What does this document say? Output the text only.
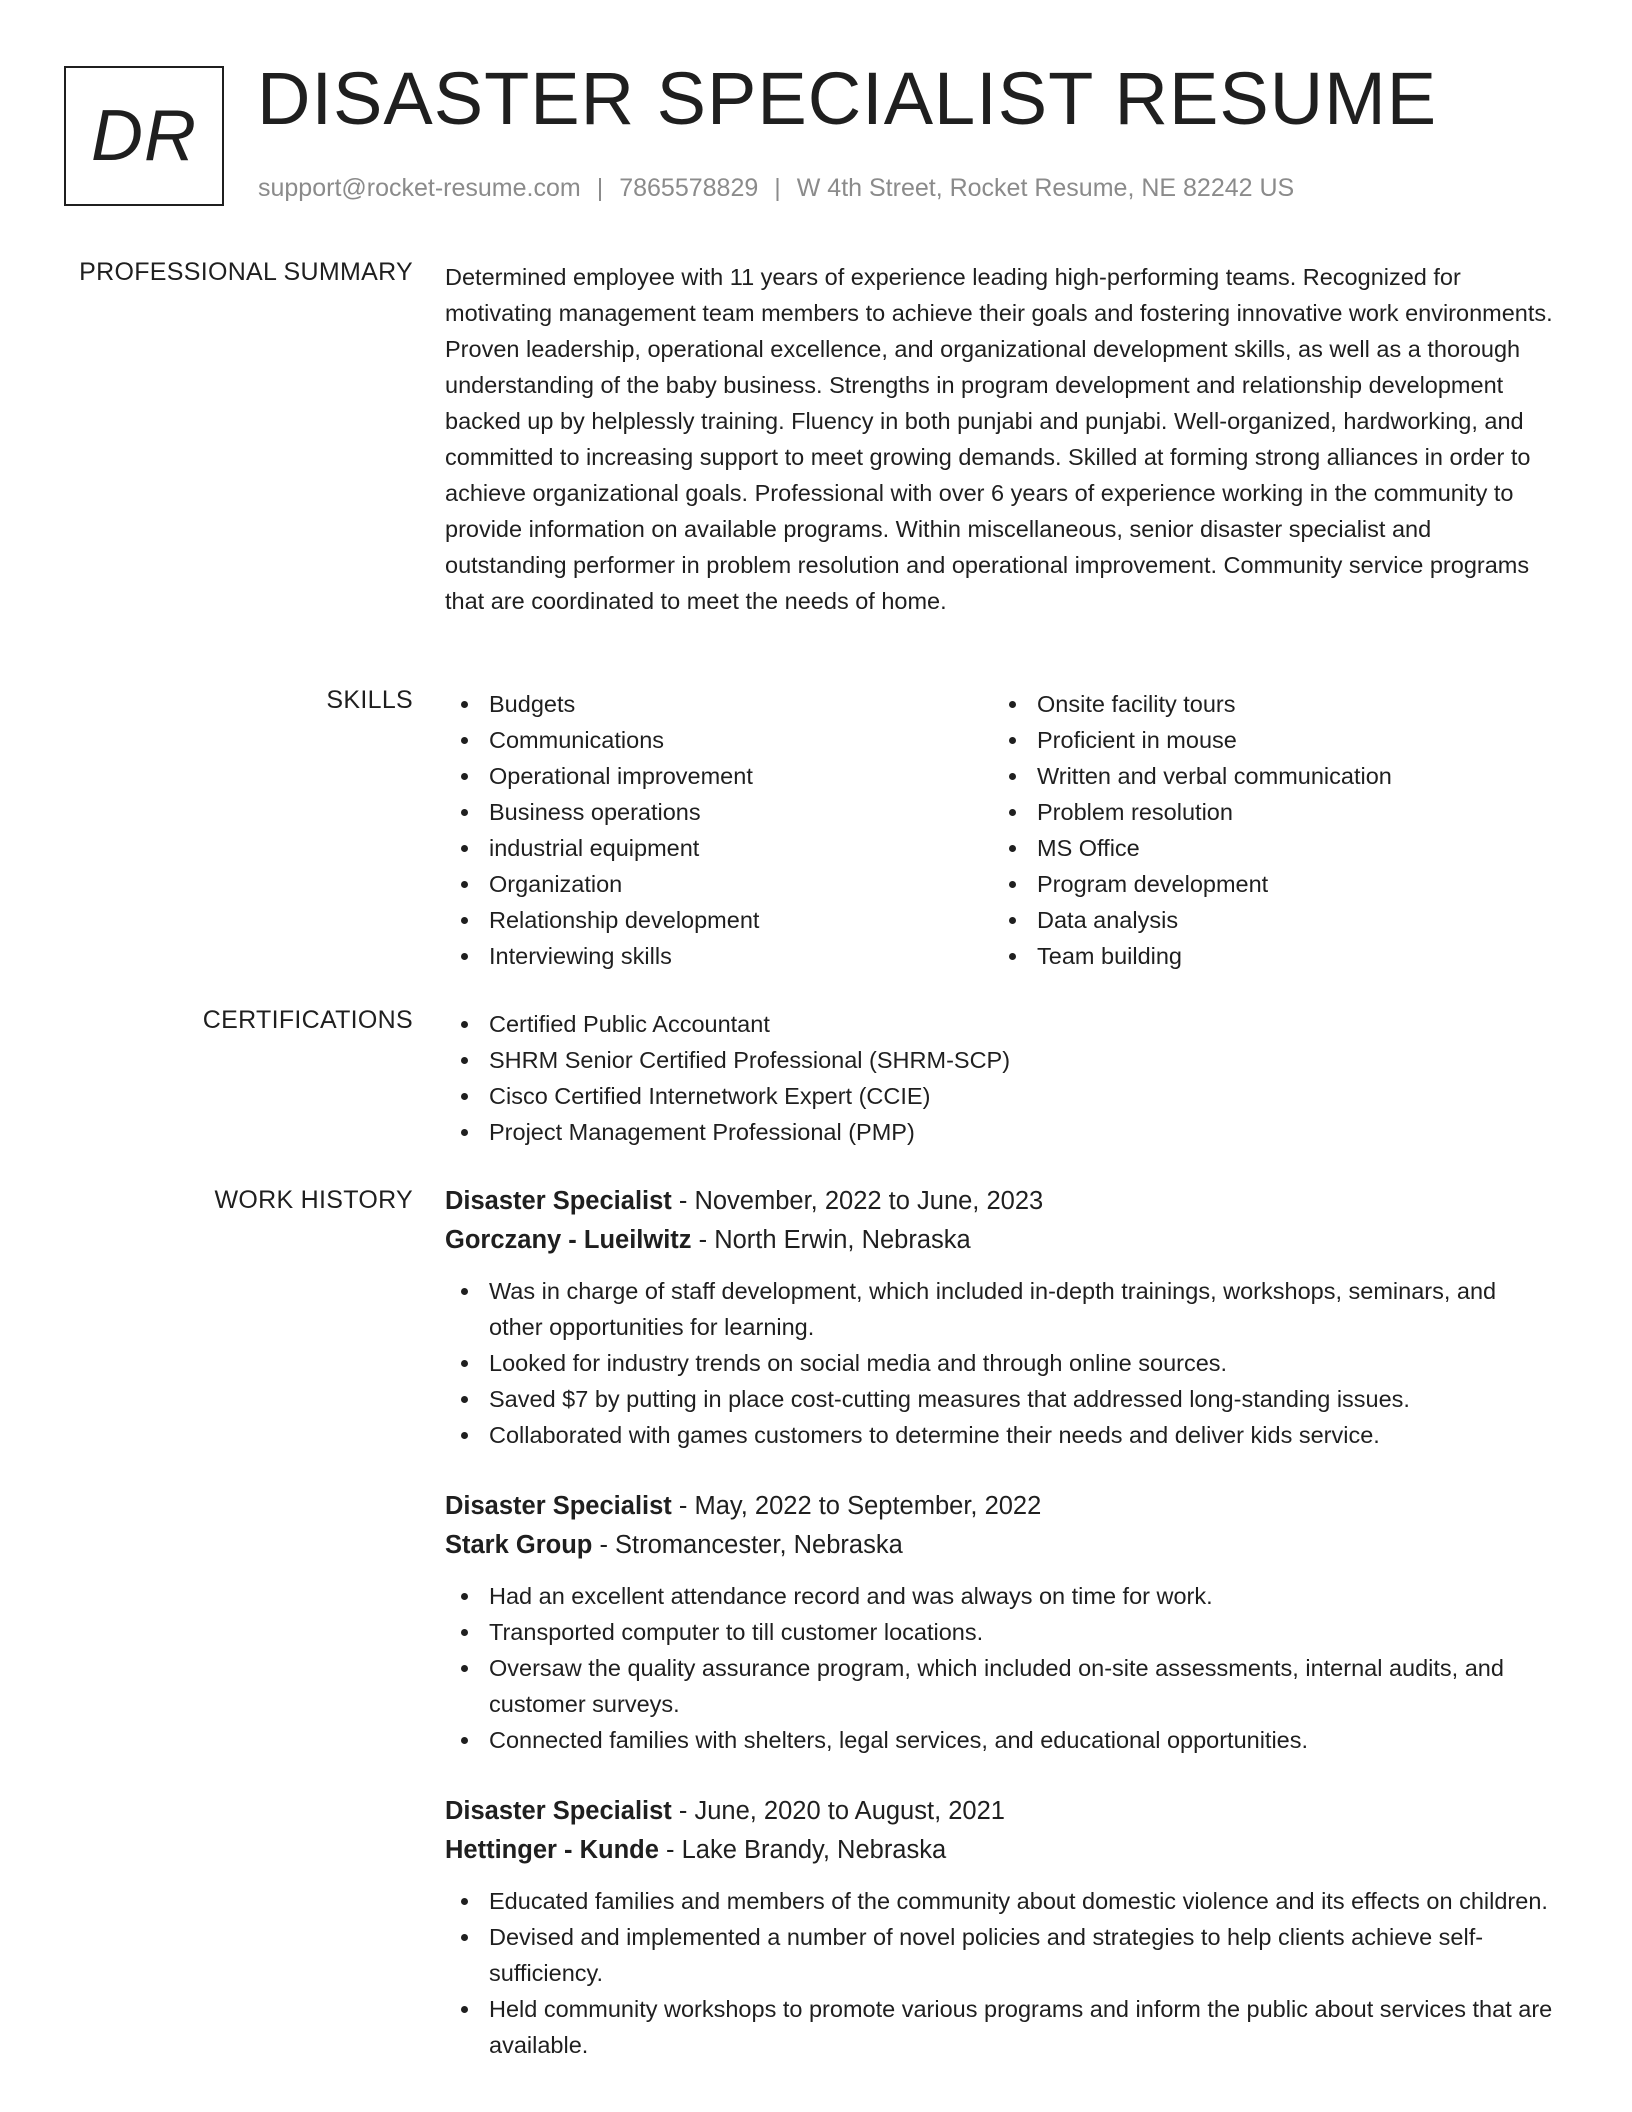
DR DISASTER SPECIALIST RESUME
support@rocket-resume.com | 7865578829 | W 4th Street, Rocket Resume, NE 82242 US
PROFESSIONAL SUMMARY Determined employee with 11 years of experience leading high-performing teams. Recognized for motivating management team members to achieve their goals and fostering innovative work environments. Proven leadership, operational excellence, and organizational development skills, as well as a thorough understanding of the baby business. Strengths in program development and relationship development backed up by helplessly training. Fluency in both punjabi and punjabi. Well-organized, hardworking, and committed to increasing support to meet growing demands. Skilled at forming strong alliances in order to achieve organizational goals. Professional with over 6 years of experience working in the community to provide information on available programs. Within miscellaneous, senior disaster specialist and outstanding performer in problem resolution and operational improvement. Community service programs that are coordinated to meet the needs of home.

SKILLS	Budgets
Communications
Operational improvement
Business operations
industrial equipment
Organization
Relationship development
Interviewing skills
Onsite facility tours
Proficient in mouse
Written and verbal communication
Problem resolution
MS Office
Program development
Data analysis
Team building
CERTIFICATIONS	Certified Public Accountant
SHRM Senior Certified Professional (SHRM-SCP)
Cisco Certified Internetwork Expert (CCIE)
Project Management Professional (PMP)
WORK HISTORY Disaster Specialist - November, 2022 to June, 2023
Gorczany - Lueilwitz - North Erwin, Nebraska
Was in charge of staff development, which included in-depth trainings, workshops, seminars, and other opportunities for learning.
Looked for industry trends on social media and through online sources.
Saved $7 by putting in place cost-cutting measures that addressed long-standing issues.
Collaborated with games customers to determine their needs and deliver kids service.
Disaster Specialist - May, 2022 to September, 2022
Stark Group - Stromancester, Nebraska
Had an excellent attendance record and was always on time for work.
Transported computer to till customer locations.
Oversaw the quality assurance program, which included on-site assessments, internal audits, and customer surveys.
Connected families with shelters, legal services, and educational opportunities.
Disaster Specialist - June, 2020 to August, 2021
Hettinger - Kunde - Lake Brandy, Nebraska
Educated families and members of the community about domestic violence and its effects on children.
Devised and implemented a number of novel policies and strategies to help clients achieve self-sufficiency.
Held community workshops to promote various programs and inform the public about services that are available.
